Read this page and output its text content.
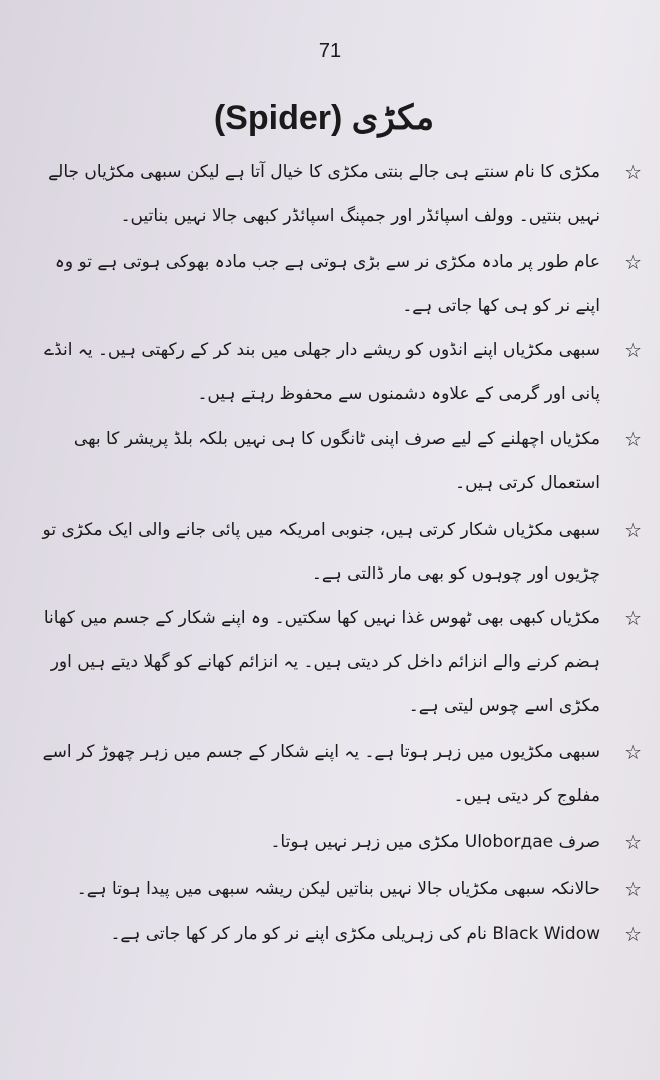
71
(Spider) مکڑی
☆
مکڑی کا نام سنتے ہی جالے بنتی مکڑی کا خیال آتا ہے لیکن سبھی مکڑیاں جالے نہیں بنتیں۔ وولف اسپائڈر اور جمپنگ اسپائڈر کبھی جالا نہیں بناتیں۔
☆
عام طور پر مادہ مکڑی نر سے بڑی ہوتی ہے جب مادہ بھوکی ہوتی ہے تو وہ اپنے نر کو ہی کھا جاتی ہے۔
☆
سبھی مکڑیاں اپنے انڈوں کو ریشے دار جھلی میں بند کر کے رکھتی ہیں۔ یہ انڈے پانی اور گرمی کے علاوہ دشمنوں سے محفوظ رہتے ہیں۔
☆
مکڑیاں اچھلنے کے لیے صرف اپنی ٹانگوں کا ہی نہیں بلکہ بلڈ پریشر کا بھی استعمال کرتی ہیں۔
☆
سبھی مکڑیاں شکار کرتی ہیں، جنوبی امریکہ میں پائی جانے والی ایک مکڑی تو چڑیوں اور چوہوں کو بھی مار ڈالتی ہے۔
☆
مکڑیاں کبھی بھی ٹھوس غذا نہیں کھا سکتیں۔ وہ اپنے شکار کے جسم میں کھانا ہضم کرنے والے انزائم داخل کر دیتی ہیں۔ یہ انزائم کھانے کو گھلا دیتے ہیں اور مکڑی اسے چوس لیتی ہے۔
☆
سبھی مکڑیوں میں زہر ہوتا ہے۔ یہ اپنے شکار کے جسم میں زہر چھوڑ کر اسے مفلوج کر دیتی ہیں۔
☆
صرف Uloborдае مکڑی میں زہر نہیں ہوتا۔
☆
حالانکہ سبھی مکڑیاں جالا نہیں بناتیں لیکن ریشہ سبھی میں پیدا ہوتا ہے۔
☆
Black Widow نام کی زہریلی مکڑی اپنے نر کو مار کر کھا جاتی ہے۔
